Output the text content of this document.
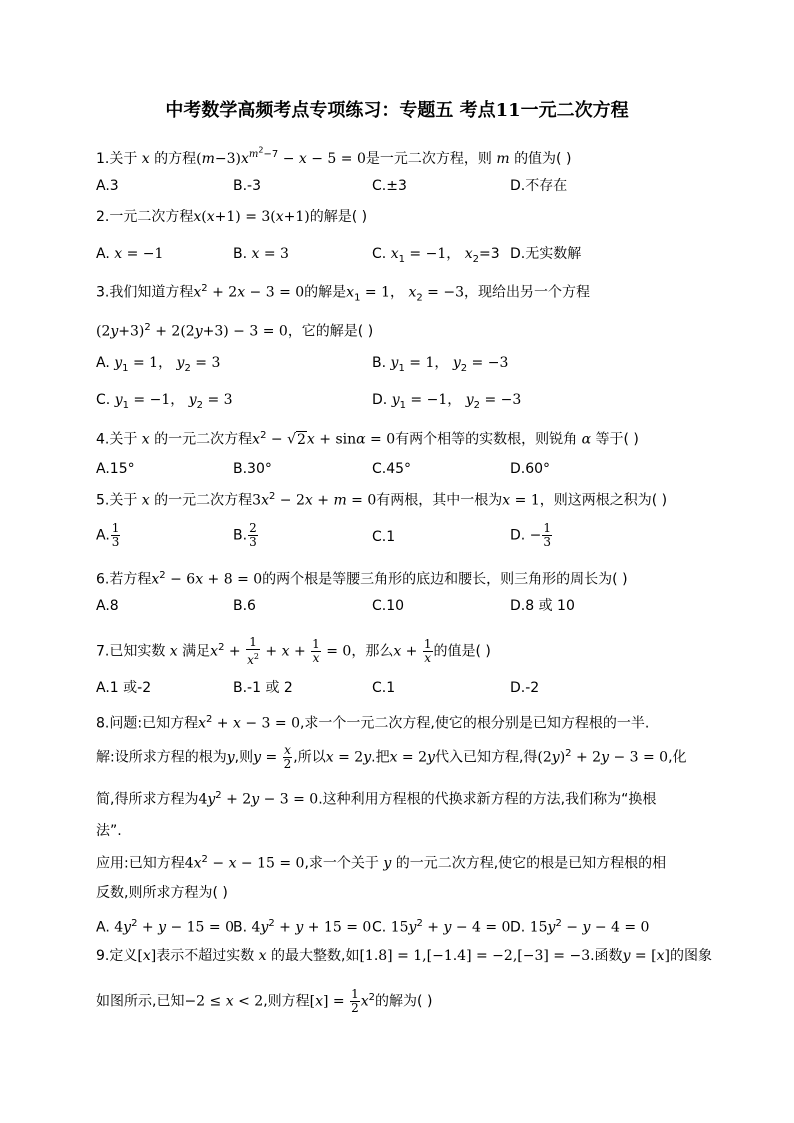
中考数学高频考点专项练习：专题五 考点11一元二次方程
1.关于 x 的方程$(m-3)x^{m^2-7} - x - 5 = 0$是一元二次方程，则 m 的值为( )
A.3	B.-3	C.±3	D.不存在
2.一元二次方程x(x+1) = 3(x+1)的解是( )
A. x = −1	B. x = 3	C. $x_1 = -1$， $x_2=3$ D.无实数解
3.我们知道方程$x^2 + 2x - 3 = 0$的解是$x_1 = 1$， $x_2 = -3$，现给出另一个方程
$(2y+3)^2 + 2(2y+3) - 3 = 0$，它的解是( )
A. $y_1 = 1$， $y_2 = 3$	B. $y_1 = 1$， $y_2 = -3$
C. $y_1 = -1$， $y_2 = 3$	D. $y_1 = -1$， $y_2 = -3$
4.关于 x 的一元二次方程$x^2 - √2x + \sin\alpha = 0$有两个相等的实数根，则锐角 α 等于( )
A.15°	B.30°	C.45°	D.60°
5.关于 x 的一元二次方程$3x^2 - 2x + m = 0$有两根，其中一根为x = 1，则这两根之积为( )
A. $\frac{1}{3}$	B. $\frac{2}{3}$	C.1	D. − $\frac{1}{3}$
6.若方程$x^2 - 6x + 8 = 0$的两个根是等腰三角形的底边和腰长，则三角形的周长为( )
A.8	B.6	C.10	D.8 或 10
7.已知实数 x 满足$x^2 + \frac{1}{x^2} + x + \frac{1}{x} = 0$，那么$x + \frac{1}{x}$ 的值是( )
A.1 或-2	B.-1 或 2	C.1	D.-2
8.问题:已知方程$x^2 + x - 3 = 0$,求一个一元二次方程,使它的根分别是已知方程根的一半.
解:设所求方程的根为y,则$y = \frac{x}{2}$ ,所以x = 2y.把x = 2y代入已知方程,得$(2y)^2 + 2y - 3 = 0$,化
简,得所求方程为$4y^2 + 2y - 3 = 0$.这种利用方程根的代换求新方程的方法,我们称为“换根
法”.
应用:已知方程$4x^2 - x - 15 = 0$,求一个关于 y 的一元二次方程,使它的根是已知方程根的相
反数,则所求方程为( )
A. $4y^2 + y - 15 = 0$ B. $4y^2 + y + 15 = 0$ C. $15y^2 + y - 4 = 0$ D. $15y^2 - y - 4 = 0$
9.定义[x]表示不超过实数 x 的最大整数,如[1.8] = 1,[−1.4] = −2,[−3] = −3.函数y = [x]的图象
如图所示,已知−2 ≤ x < 2,则方程$[x] = \frac{1}{2} x^2$的解为( )
